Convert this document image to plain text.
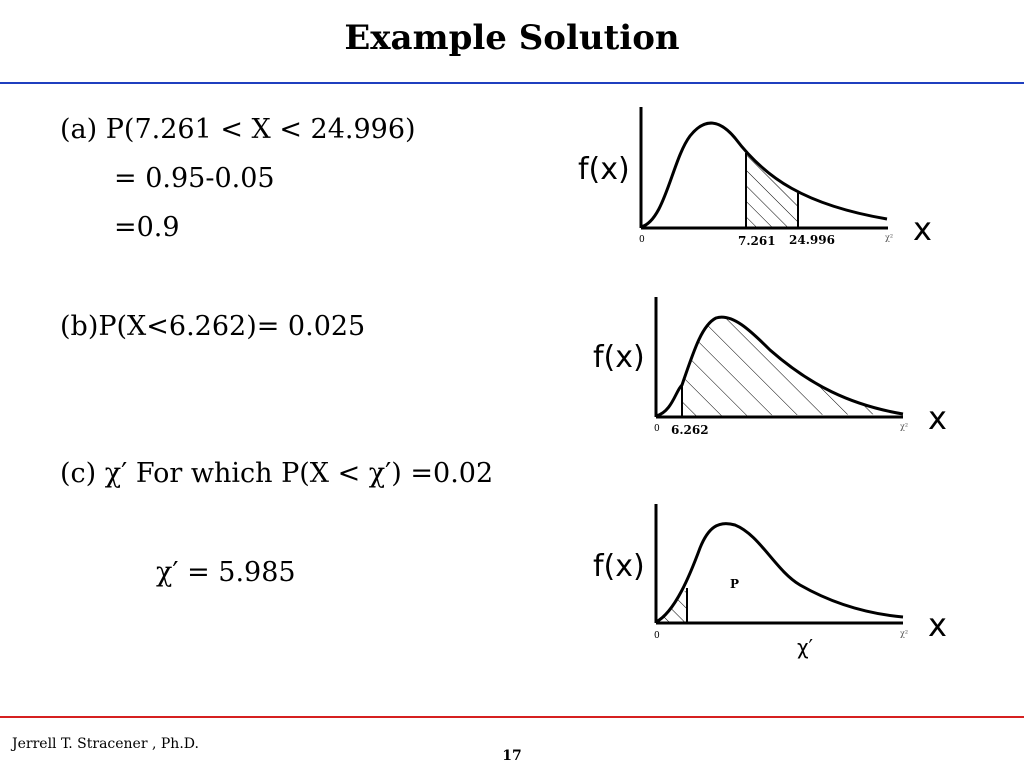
Example Solution
(a) P(7.261 < X < 24.996)
= 0.95-0.05
=0.9
(b)P(X<6.262)= 0.025
(c) χ′ For which P(X < χ′) =0.02
χ′ = 5.985
f(x)
x
0	χ²
7.261 24.996
f(x)
x
0	χ²
6.262
f(x)
x
0	χ²
P
χ′
Jerrell T. Stracener , Ph.D.
17
